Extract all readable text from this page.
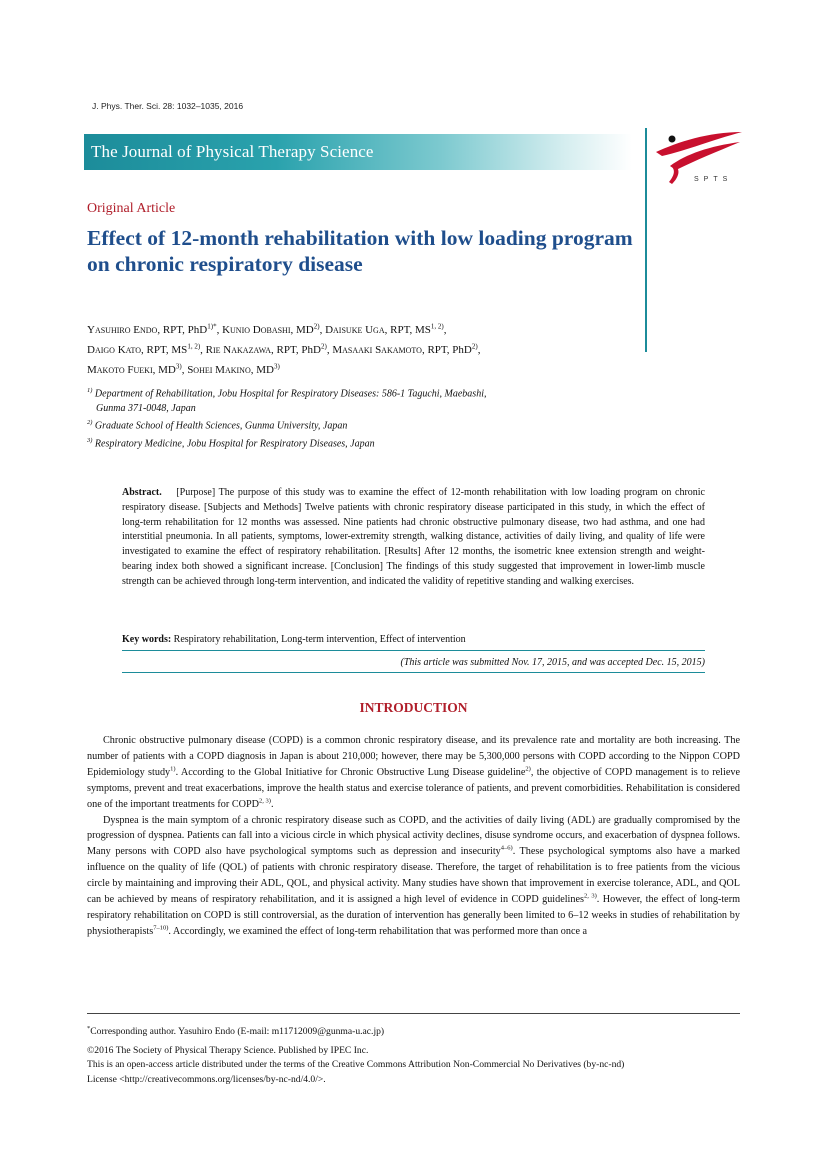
J. Phys. Ther. Sci. 28: 1032–1035, 2016
The Journal of Physical Therapy Science
SPTS
Original Article
Effect of 12-month rehabilitation with low loading program on chronic respiratory disease
Yasuhiro Endo, RPT, PhD$^{1)*}$, Kunio Dobashi, MD$^{2)}$, Daisuke Uga, RPT, MS$^{1, 2)}$,
Daigo Kato, RPT, MS$^{1, 2)}$, Rie Nakazawa, RPT, PhD$^{2)}$, Masaaki Sakamoto, RPT, PhD$^{2)}$,
Makoto Fueki, MD$^{3)}$, Sohei Makino, MD$^{3)}$

$^{1)}$ Department of Rehabilitation, Jobu Hospital for Respiratory Diseases: 586-1 Taguchi, Maebashi,

Gunma 371-0048, Japan

$^{2)}$ Graduate School of Health Sciences, Gunma University, Japan

$^{3)}$ Respiratory Medicine, Jobu Hospital for Respiratory Diseases, Japan

Abstract. [Purpose] The purpose of this study was to examine the effect of 12-month rehabilitation with low loading program on chronic respiratory disease. [Subjects and Methods] Twelve patients with chronic respiratory disease participated in this study, in which the effect of long-term rehabilitation for 12 months was assessed. Nine patients had chronic obstructive pulmonary disease, two had asthma, and one had interstitial pneumonia. In all patients, symptoms, lower-extremity strength, walking distance, activities of daily living, and quality of life were investigated to examine the effect of respiratory rehabilitation. [Results] After 12 months, the isometric knee extension strength and weight-bearing index both showed a significant increase. [Conclusion] The findings of this study suggested that improvement in lower-limb muscle strength can be achieved through long-term intervention, and indicated the validity of repetitive standing and walking exercises.

Key words: Respiratory rehabilitation, Long-term intervention, Effect of intervention
(This article was submitted Nov. 17, 2015, and was accepted Dec. 15, 2015)
INTRODUCTION

Chronic obstructive pulmonary disease (COPD) is a common chronic respiratory disease, and its prevalence rate and mortality are both increasing. The number of patients with a COPD diagnosis in Japan is about 210,000; however, there may be 5,300,000 persons with COPD according to the Nippon COPD Epidemiology study$^{1)}$. According to the Global Initiative for Chronic Obstructive Lung Disease guideline$^{2)}$, the objective of COPD management is to relieve symptoms, prevent and treat exacerbations, improve the health status and exercise tolerance of patients, and prevent comorbidities. Rehabilitation is considered one of the important treatments for COPD$^{2, 3)}$.

Dyspnea is the main symptom of a chronic respiratory disease such as COPD, and the activities of daily living (ADL) are gradually compromised by the progression of dyspnea. Patients can fall into a vicious circle in which physical activity declines, disuse syndrome occurs, and exacerbation of dyspnea follows. Many persons with COPD also have psychological symptoms such as depression and insecurity$^{4-6)}$. These psychological symptoms also have a marked influence on the quality of life (QOL) of patients with chronic respiratory disease. Therefore, the target of rehabilitation is to free patients from the vicious circle by maintaining and improving their ADL, QOL, and physical activity. Many studies have shown that improvement in exercise tolerance, ADL, and QOL can be achieved by means of respiratory rehabilitation, and it is assigned a high level of evidence in COPD guidelines$^{2, 3)}$. However, the effect of long-term respiratory rehabilitation on COPD is still controversial, as the duration of intervention has generally been limited to 6–12 weeks in studies of rehabilitation by physiotherapists$^{7-10)}$. Accordingly, we examined the effect of long-term rehabilitation that was performed more than once a

*Corresponding author. Yasuhiro Endo (E-mail: m11712009@gunma-u.ac.jp)

©2016 The Society of Physical Therapy Science. Published by IPEC Inc.

This is an open-access article distributed under the terms of the Creative Commons Attribution Non-Commercial No Derivatives (by-nc-nd)

License <http://creativecommons.org/licenses/by-nc-nd/4.0/>.
